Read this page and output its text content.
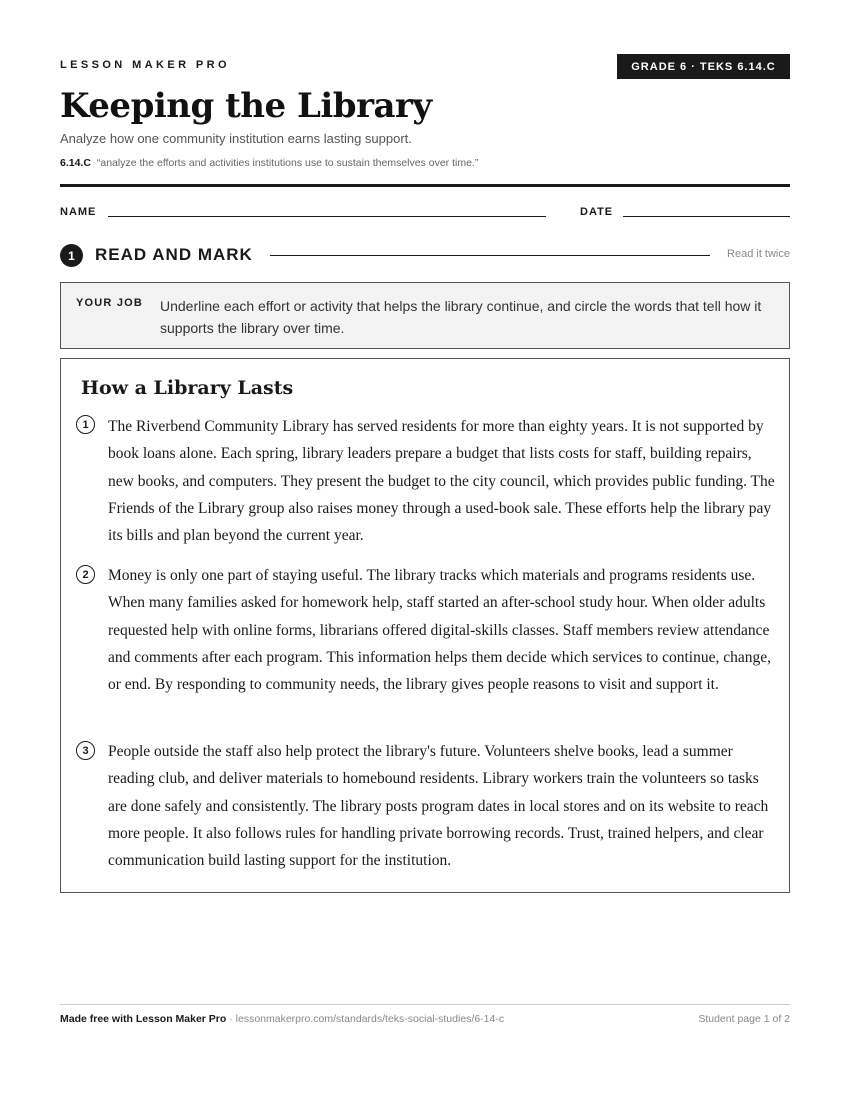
LESSON MAKER PRO	GRADE 6 · TEKS 6.14.C
Keeping the Library
Analyze how one community institution earns lasting support.
6.14.C “analyze the efforts and activities institutions use to sustain themselves over time.”
NAME	DATE
1	READ AND MARK	Read it twice
YOUR JOB Underline each effort or activity that helps the library continue, and circle the words that tell how it supports the library over time.
How a Library Lasts
1	The Riverbend Community Library has served residents for more than eighty years. It is not supported by book loans alone. Each spring, library leaders prepare a budget that lists costs for staff, building repairs, new books, and computers. They present the budget to the city council, which provides public funding. The Friends of the Library group also raises money through a used-book sale. These efforts help the library pay its bills and plan beyond the current year.

2	Money is only one part of staying useful. The library tracks which materials and programs residents use. When many families asked for homework help, staff started an after-school study hour. When older adults requested help with online forms, librarians offered digital-skills classes. Staff members review attendance and comments after each program. This information helps them decide which services to continue, change, or end. By responding to community needs, the library gives people reasons to visit and support it.

3	People outside the staff also help protect the library's future. Volunteers shelve books, lead a summer reading club, and deliver materials to homebound residents. Library workers train the volunteers so tasks are done safely and consistently. The library posts program dates in local stores and on its website to reach more people. It also follows rules for handling private borrowing records. Trust, trained helpers, and clear communication build lasting support for the institution.

Made free with Lesson Maker Pro · lessonmakerpro.com/standards/teks-social-studies/6-14-c	Student page 1 of 2
